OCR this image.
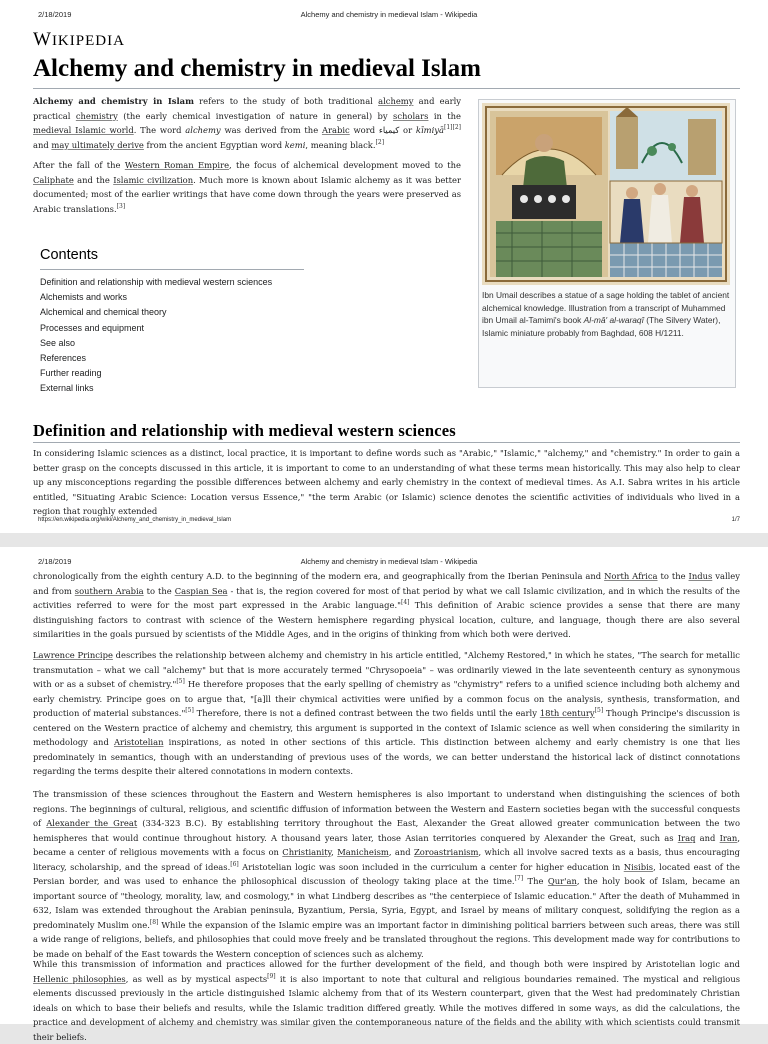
2/18/2019	Alchemy and chemistry in medieval Islam - Wikipedia
WIKIPEDIA
Alchemy and chemistry in medieval Islam

Alchemy and chemistry in Islam refers to the study of both traditional alchemy and early practical chemistry (the early chemical investigation of nature in general) by scholars in the medieval Islamic world. The word alchemy was derived from the Arabic word كيمياء or kīmiyā[1][2] and may ultimately derive from the ancient Egyptian word kemi, meaning black.[2]

After the fall of the Western Roman Empire, the focus of alchemical development moved to the Caliphate and the Islamic civilization. Much more is known about Islamic alchemy as it was better documented; most of the earlier writings that have come down through the years were preserved as Arabic translations.[3]

Ibn Umail describes a statue of a sage holding the tablet of ancient alchemical knowledge. Illustration from a transcript of Muhammed ibn Umail al-Tamimi's book Al-mâ' al-waraqî (The Silvery Water), Islamic miniature probably from Baghdad, 608 H/1211.

Contents
Definition and relationship with medieval western sciences
Alchemists and works
Alchemical and chemical theory
Processes and equipment
See also
References
Further reading
External links
Definition and relationship with medieval western sciences

In considering Islamic sciences as a distinct, local practice, it is important to define words such as "Arabic," "Islamic," "alchemy," and "chemistry." In order to gain a better grasp on the concepts discussed in this article, it is important to come to an understanding of what these terms mean historically. This may also help to clear up any misconceptions regarding the possible differences between alchemy and early chemistry in the context of medieval times. As A.I. Sabra writes in his article entitled, "Situating Arabic Science: Location versus Essence," "the term Arabic (or Islamic) science denotes the scientific activities of individuals who lived in a region that roughly extended

https://en.wikipedia.org/wiki/Alchemy_and_chemistry_in_medieval_Islam	1/7
2/18/2019	Alchemy and chemistry in medieval Islam - Wikipedia

chronologically from the eighth century A.D. to the beginning of the modern era, and geographically from the Iberian Peninsula and North Africa to the Indus valley and from southern Arabia to the Caspian Sea - that is, the region covered for most of that period by what we call Islamic civilization, and in which the results of the activities referred to were for the most part expressed in the Arabic language."[4] This definition of Arabic science provides a sense that there are many distinguishing factors to contrast with science of the Western hemisphere regarding physical location, culture, and language, though there are also several similarities in the goals pursued by scientists of the Middle Ages, and in the origins of thinking from which both were derived.

Lawrence Principe describes the relationship between alchemy and chemistry in his article entitled, "Alchemy Restored," in which he states, "The search for metallic transmutation – what we call "alchemy" but that is more accurately termed "Chrysopoeia" – was ordinarily viewed in the late seventeenth century as synonymous with or as a subset of chemistry."[5] He therefore proposes that the early spelling of chemistry as "chymistry" refers to a unified science including both alchemy and early chemistry. Principe goes on to argue that, "[a]ll their chymical activities were unified by a common focus on the analysis, synthesis, transformation, and production of material substances."[5] Therefore, there is not a defined contrast between the two fields until the early 18th century[5] Though Principe's discussion is centered on the Western practice of alchemy and chemistry, this argument is supported in the context of Islamic science as well when considering the similarity in methodology and Aristotelian inspirations, as noted in other sections of this article. This distinction between alchemy and early chemistry is one that lies predominately in semantics, though with an understanding of previous uses of the words, we can better understand the historical lack of distinct connotations regarding the terms despite their altered connotations in modern contexts.

The transmission of these sciences throughout the Eastern and Western hemispheres is also important to understand when distinguishing the sciences of both regions. The beginnings of cultural, religious, and scientific diffusion of information between the Western and Eastern societies began with the successful conquests of Alexander the Great (334-323 B.C). By establishing territory throughout the East, Alexander the Great allowed greater communication between the two hemispheres that would continue throughout history. A thousand years later, those Asian territories conquered by Alexander the Great, such as Iraq and Iran, became a center of religious movements with a focus on Christianity, Manicheism, and Zoroastrianism, which all involve sacred texts as a basis, thus encouraging literacy, scholarship, and the spread of ideas.[6] Aristotelian logic was soon included in the curriculum a center for higher education in Nisibis, located east of the Persian border, and was used to enhance the philosophical discussion of theology taking place at the time.[7] The Qur'an, the holy book of Islam, became an important source of "theology, morality, law, and cosmology," in what Lindberg describes as "the centerpiece of Islamic education." After the death of Muhammed in 632, Islam was extended throughout the Arabian peninsula, Byzantium, Persia, Syria, Egypt, and Israel by means of military conquest, solidifying the region as a predominately Muslim one.[8] While the expansion of the Islamic empire was an important factor in diminishing political barriers between such areas, there was still a wide range of religions, beliefs, and philosophies that could move freely and be translated throughout the regions. This development made way for contributions to be made on behalf of the East towards the Western conception of sciences such as alchemy.

While this transmission of information and practices allowed for the further development of the field, and though both were inspired by Aristotelian logic and Hellenic philosophies, as well as by mystical aspects[9] it is also important to note that cultural and religious boundaries remained. The mystical and religious elements discussed previously in the article distinguished Islamic alchemy from that of its Western counterpart, given that the West had predominately Christian ideals on which to base their beliefs and results, while the Islamic tradition differed greatly. While the motives differed in some ways, as did the calculations, the practice and development of alchemy and chemistry was similar given the contemporaneous nature of the fields and the ability with which scientists could transmit their beliefs.
